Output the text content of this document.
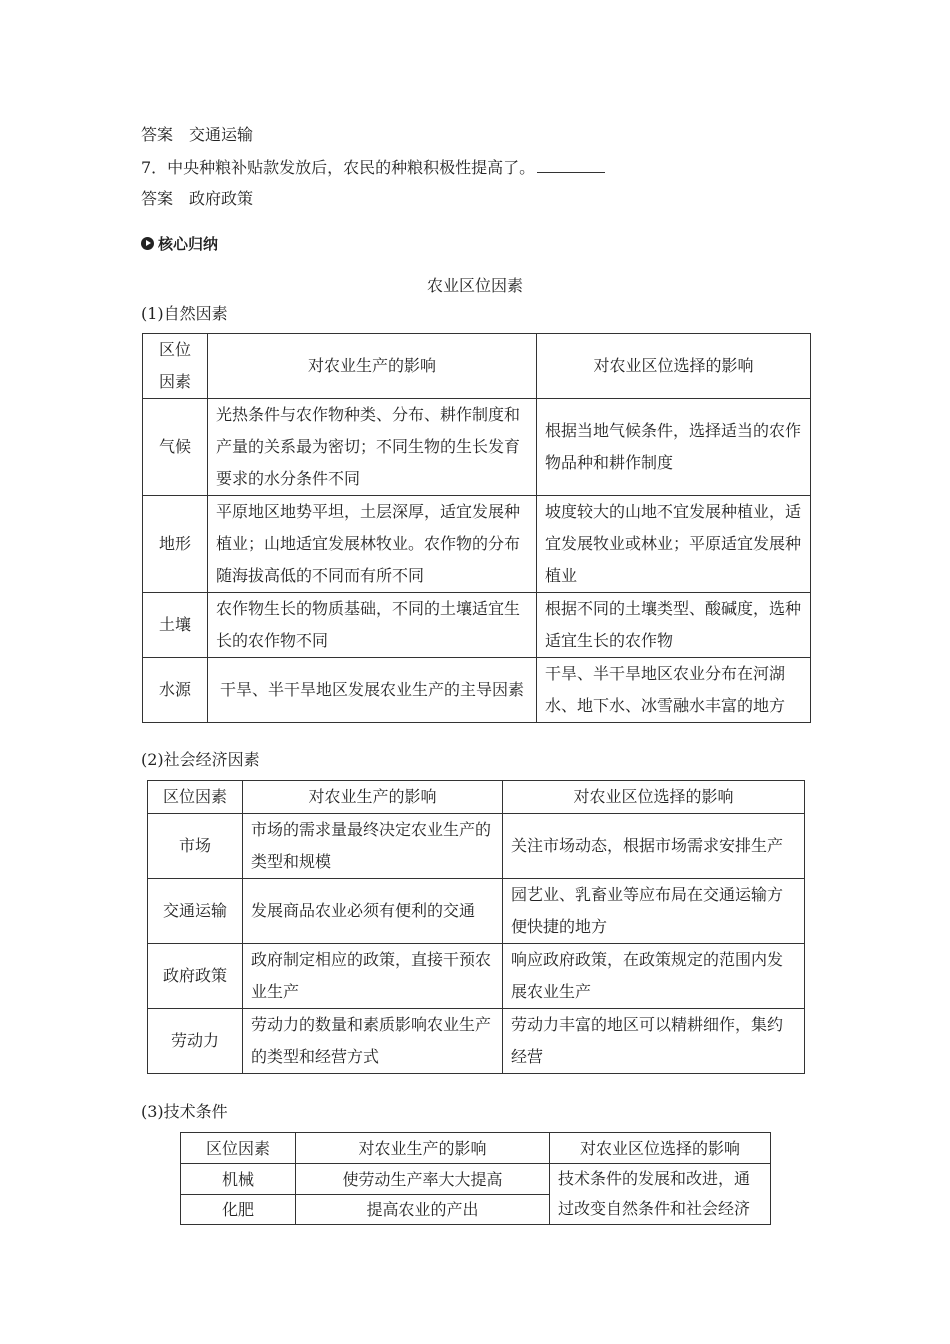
答案　交通运输
7．中央种粮补贴款发放后，农民的种粮积极性提高了。
答案　政府政策
核心归纳
农业区位因素
(1)自然因素
区位
因素	对农业生产的影响	对农业区位选择的影响
气候	光热条件与农作物种类、分布、耕作制度和产量的关系最为密切；不同生物的生长发育要求的水分条件不同	根据当地气候条件，选择适当的农作物品种和耕作制度
地形	平原地区地势平坦，土层深厚，适宜发展种植业；山地适宜发展林牧业。农作物的分布随海拔高低的不同而有所不同	坡度较大的山地不宜发展种植业，适宜发展牧业或林业；平原适宜发展种植业
土壤	农作物生长的物质基础，不同的土壤适宜生长的农作物不同	根据不同的土壤类型、酸碱度，选种适宜生长的农作物
水源	干旱、半干旱地区发展农业生产的主导因素	干旱、半干旱地区农业分布在河湖水、地下水、冰雪融水丰富的地方
(2)社会经济因素
区位因素	对农业生产的影响	对农业区位选择的影响
市场	市场的需求量最终决定农业生产的类型和规模	关注市场动态，根据市场需求安排生产
交通运输	发展商品农业必须有便利的交通	园艺业、乳畜业等应布局在交通运输方便快捷的地方
政府政策	政府制定相应的政策，直接干预农业生产	响应政府政策，在政策规定的范围内发展农业生产
劳动力	劳动力的数量和素质影响农业生产的类型和经营方式	劳动力丰富的地区可以精耕细作，集约经营
(3)技术条件
区位因素	对农业生产的影响	对农业区位选择的影响
机械	使劳动生产率大大提高	技术条件的发展和改进，通过改变自然条件和社会经济
化肥	提高农业的产出	
